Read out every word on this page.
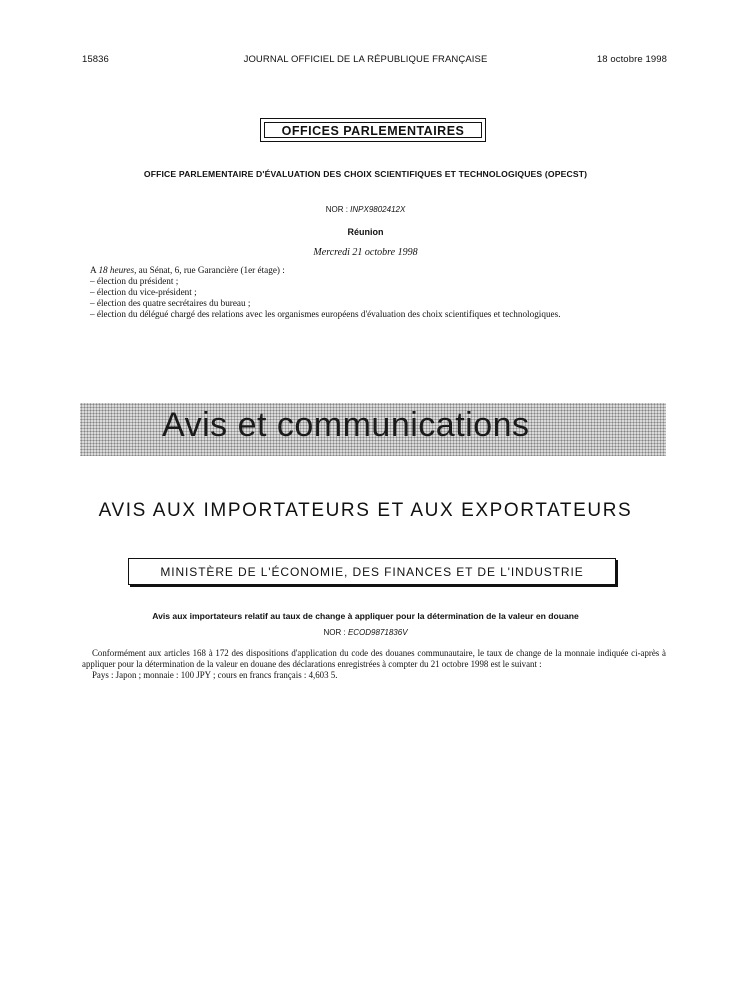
15836	JOURNAL OFFICIEL DE LA RÉPUBLIQUE FRANÇAISE	18 octobre 1998
OFFICES PARLEMENTAIRES
OFFICE PARLEMENTAIRE D'ÉVALUATION DES CHOIX SCIENTIFIQUES ET TECHNOLOGIQUES (OPECST)
NOR : INPX9802412X
Réunion
Mercredi 21 octobre 1998
A 18 heures, au Sénat, 6, rue Garancière (1er étage) :
– élection du président ;
– élection du vice-président ;
– élection des quatre secrétaires du bureau ;
– élection du délégué chargé des relations avec les organismes européens d'évaluation des choix scientifiques et technologiques.
Avis et communications
AVIS AUX IMPORTATEURS ET AUX EXPORTATEURS
MINISTÈRE DE L'ÉCONOMIE, DES FINANCES ET DE L'INDUSTRIE
Avis aux importateurs relatif au taux de change à appliquer pour la détermination de la valeur en douane
NOR : ECOD9871836V
Conformément aux articles 168 à 172 des dispositions d'application du code des douanes communautaire, le taux de change de la monnaie indiquée ci-après à appliquer pour la détermination de la valeur en douane des déclarations enregistrées à compter du 21 octobre 1998 est le suivant :
Pays : Japon ; monnaie : 100 JPY ; cours en francs français : 4,603 5.
